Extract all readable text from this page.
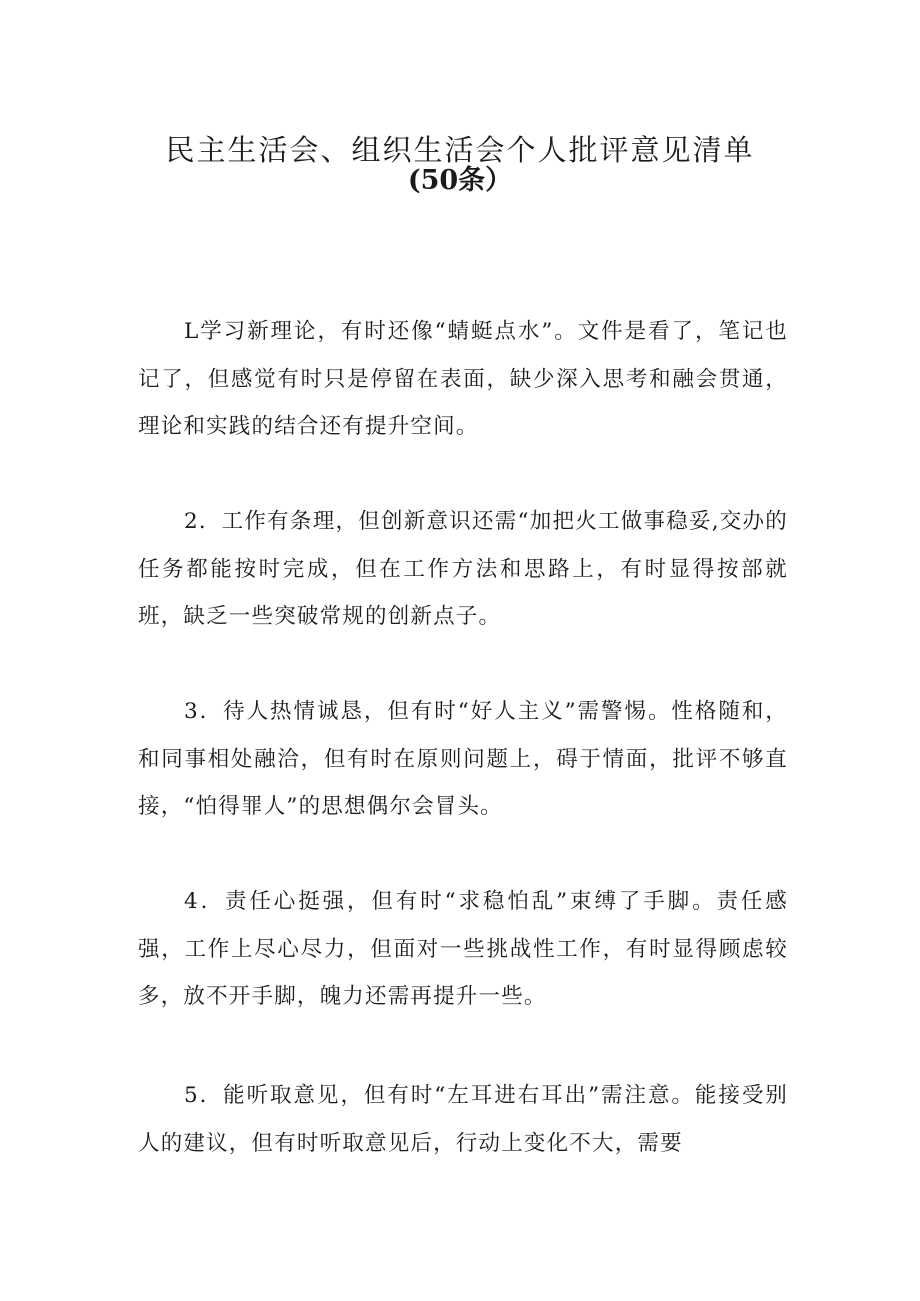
民主生活会、组织生活会个人批评意见清单
(50条）

L学习新理论，有时还像“蜻蜓点水”。文件是看了，笔记也记了，但感觉有时只是停留在表面，缺少深入思考和融会贯通，理论和实践的结合还有提升空间。

2．工作有条理，但创新意识还需“加把火工做事稳妥,交办的任务都能按时完成，但在工作方法和思路上，有时显得按部就班，缺乏一些突破常规的创新点子。

3．待人热情诚恳，但有时“好人主义”需警惕。性格随和，和同事相处融洽，但有时在原则问题上，碍于情面，批评不够直接，“怕得罪人”的思想偶尔会冒头。

4．责任心挺强，但有时“求稳怕乱”束缚了手脚。责任感强，工作上尽心尽力，但面对一些挑战性工作，有时显得顾虑较多，放不开手脚，魄力还需再提升一些。

5．能听取意见，但有时“左耳进右耳出”需注意。能接受别人的建议，但有时听取意见后，行动上变化不大，需要
